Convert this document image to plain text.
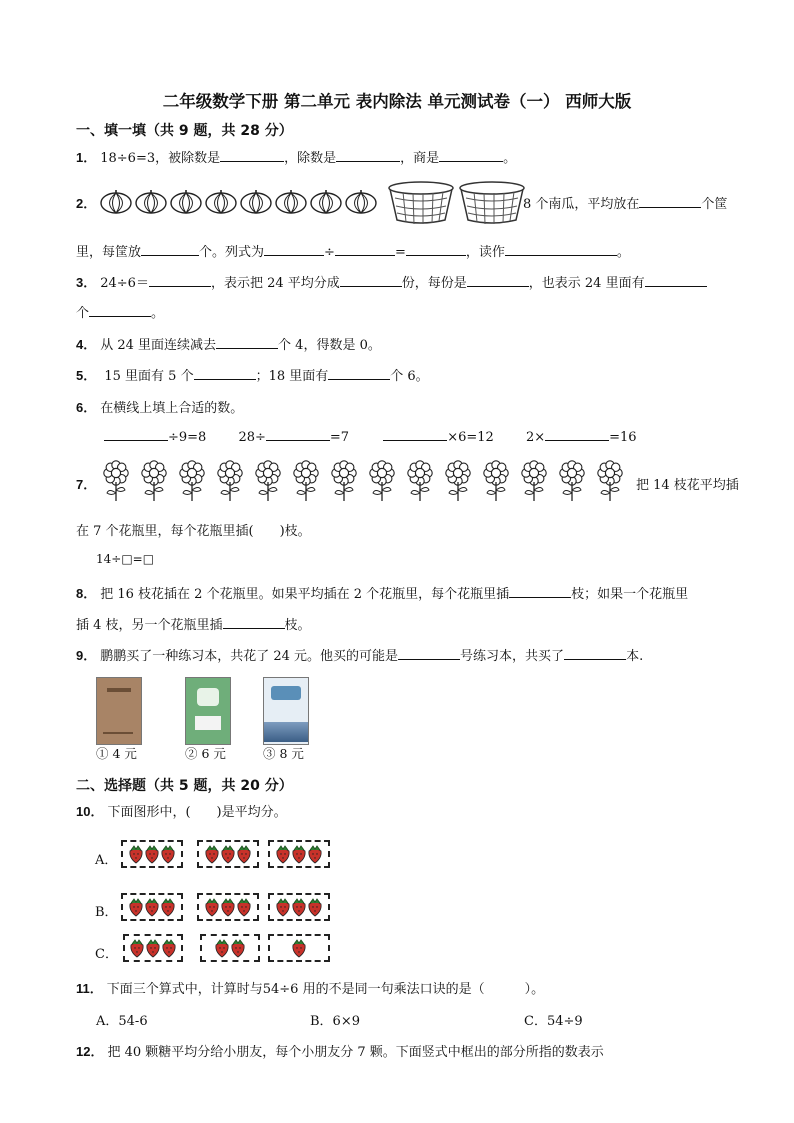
二年级数学下册 第二单元 表内除法 单元测试卷（一） 西师大版
一、填一填（共 9 题，共 28 分）
1． 18÷6=3，被除数是	，除数是	，商是	。
2．	8 个南瓜，平均放在	个筐
里，每筐放	个。列式为	÷	=	，读作	。
3． 24÷6＝	，表示把 24 平均分成	份，每份是	，也表示 24 里面有
个	。
4． 从 24 里面连续减去	个 4，得数是 0。
5． 15 里面有 5 个	；18 里面有	个 6。
6． 在横线上填上合适的数。
÷9=8 28÷	=7	×6=12 2×	=16
7．	把 14 枝花平均插
在 7 个花瓶里，每个花瓶里插( )枝。
14÷□=□
8． 把 16 枝花插在 2 个花瓶里。如果平均插在 2 个花瓶里，每个花瓶里插	枝；如果一个花瓶里
插 4 枝，另一个花瓶里插	枝。
9． 鹏鹏买了一种练习本，共花了 24 元。他买的可能是	号练习本，共买了	本.
① 4 元	② 6 元	③ 8 元
二、选择题（共 5 题，共 20 分）
10． 下面图形中，( )是平均分。
A．
B．
C．
11． 下面三个算式中，计算时与54÷6 用的不是同一句乘法口诀的是（	）。
A．54-6	B．6×9	C．54÷9
12． 把 40 颗糖平均分给小朋友，每个小朋友分 7 颗。下面竖式中框出的部分所指的数表示
